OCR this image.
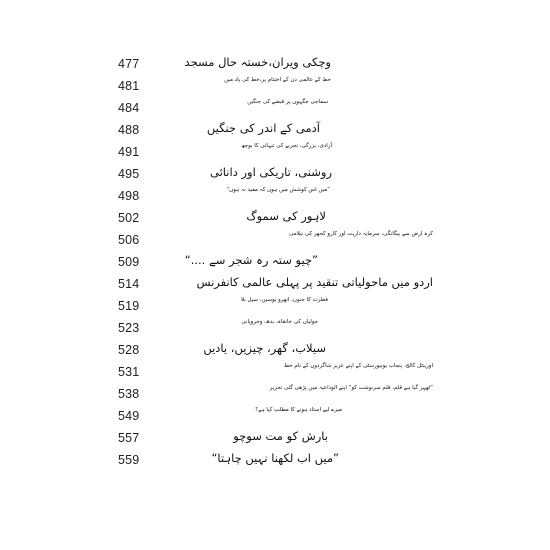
وچکی ویران،خستہ حال مسجد
477
خط کے عالمی دن کے اختتام پر،خط کی یاد میں
481
سماجی جگہوں پر قبضے کی جنگیں
484
آدمی کے اندر کی جنگیں
488
آزادی، بزرگی، تجربے کی تنہائی کا بوجھ
491
روشنی، تاریکی اور دانائی
495
”میں اس کوشش میں ہوں کہ مفید نہ ہوں“
498
لاہور کی سموگ
502
کرہ ارض سے بیگانگی، سرمایہ داریت اور کارو کجھر کی نیلامی
506
”چیو ستہ رہ شجر سے ....“
509
اردو میں ماحولیاتی تنقید پر پہلی عالمی کانفرنس
514
فطرت کا جنون، اتھرو یوسین، سیل بلا
519
جولیاں کی خانقاہ، بدھ، وجروپانی
523
سیلاب، گھر، چیزیں، یادیں
528
اورینٹل کالج، پنجاب یونیورسٹی کے اپنے عزیز شاگردوں کے نام خط
531
”ٹھہر گیا ہے قلم، قلم سرنوشت کو“ اپنے الوداعیہ میں پڑھی گئی تحریر
538
میرے لیے استاد ہونے کا مطلب کیا ہے؟
549
بارش کو مت سوچو
557
”میں اب لکھنا نہیں چاہتا“
559
